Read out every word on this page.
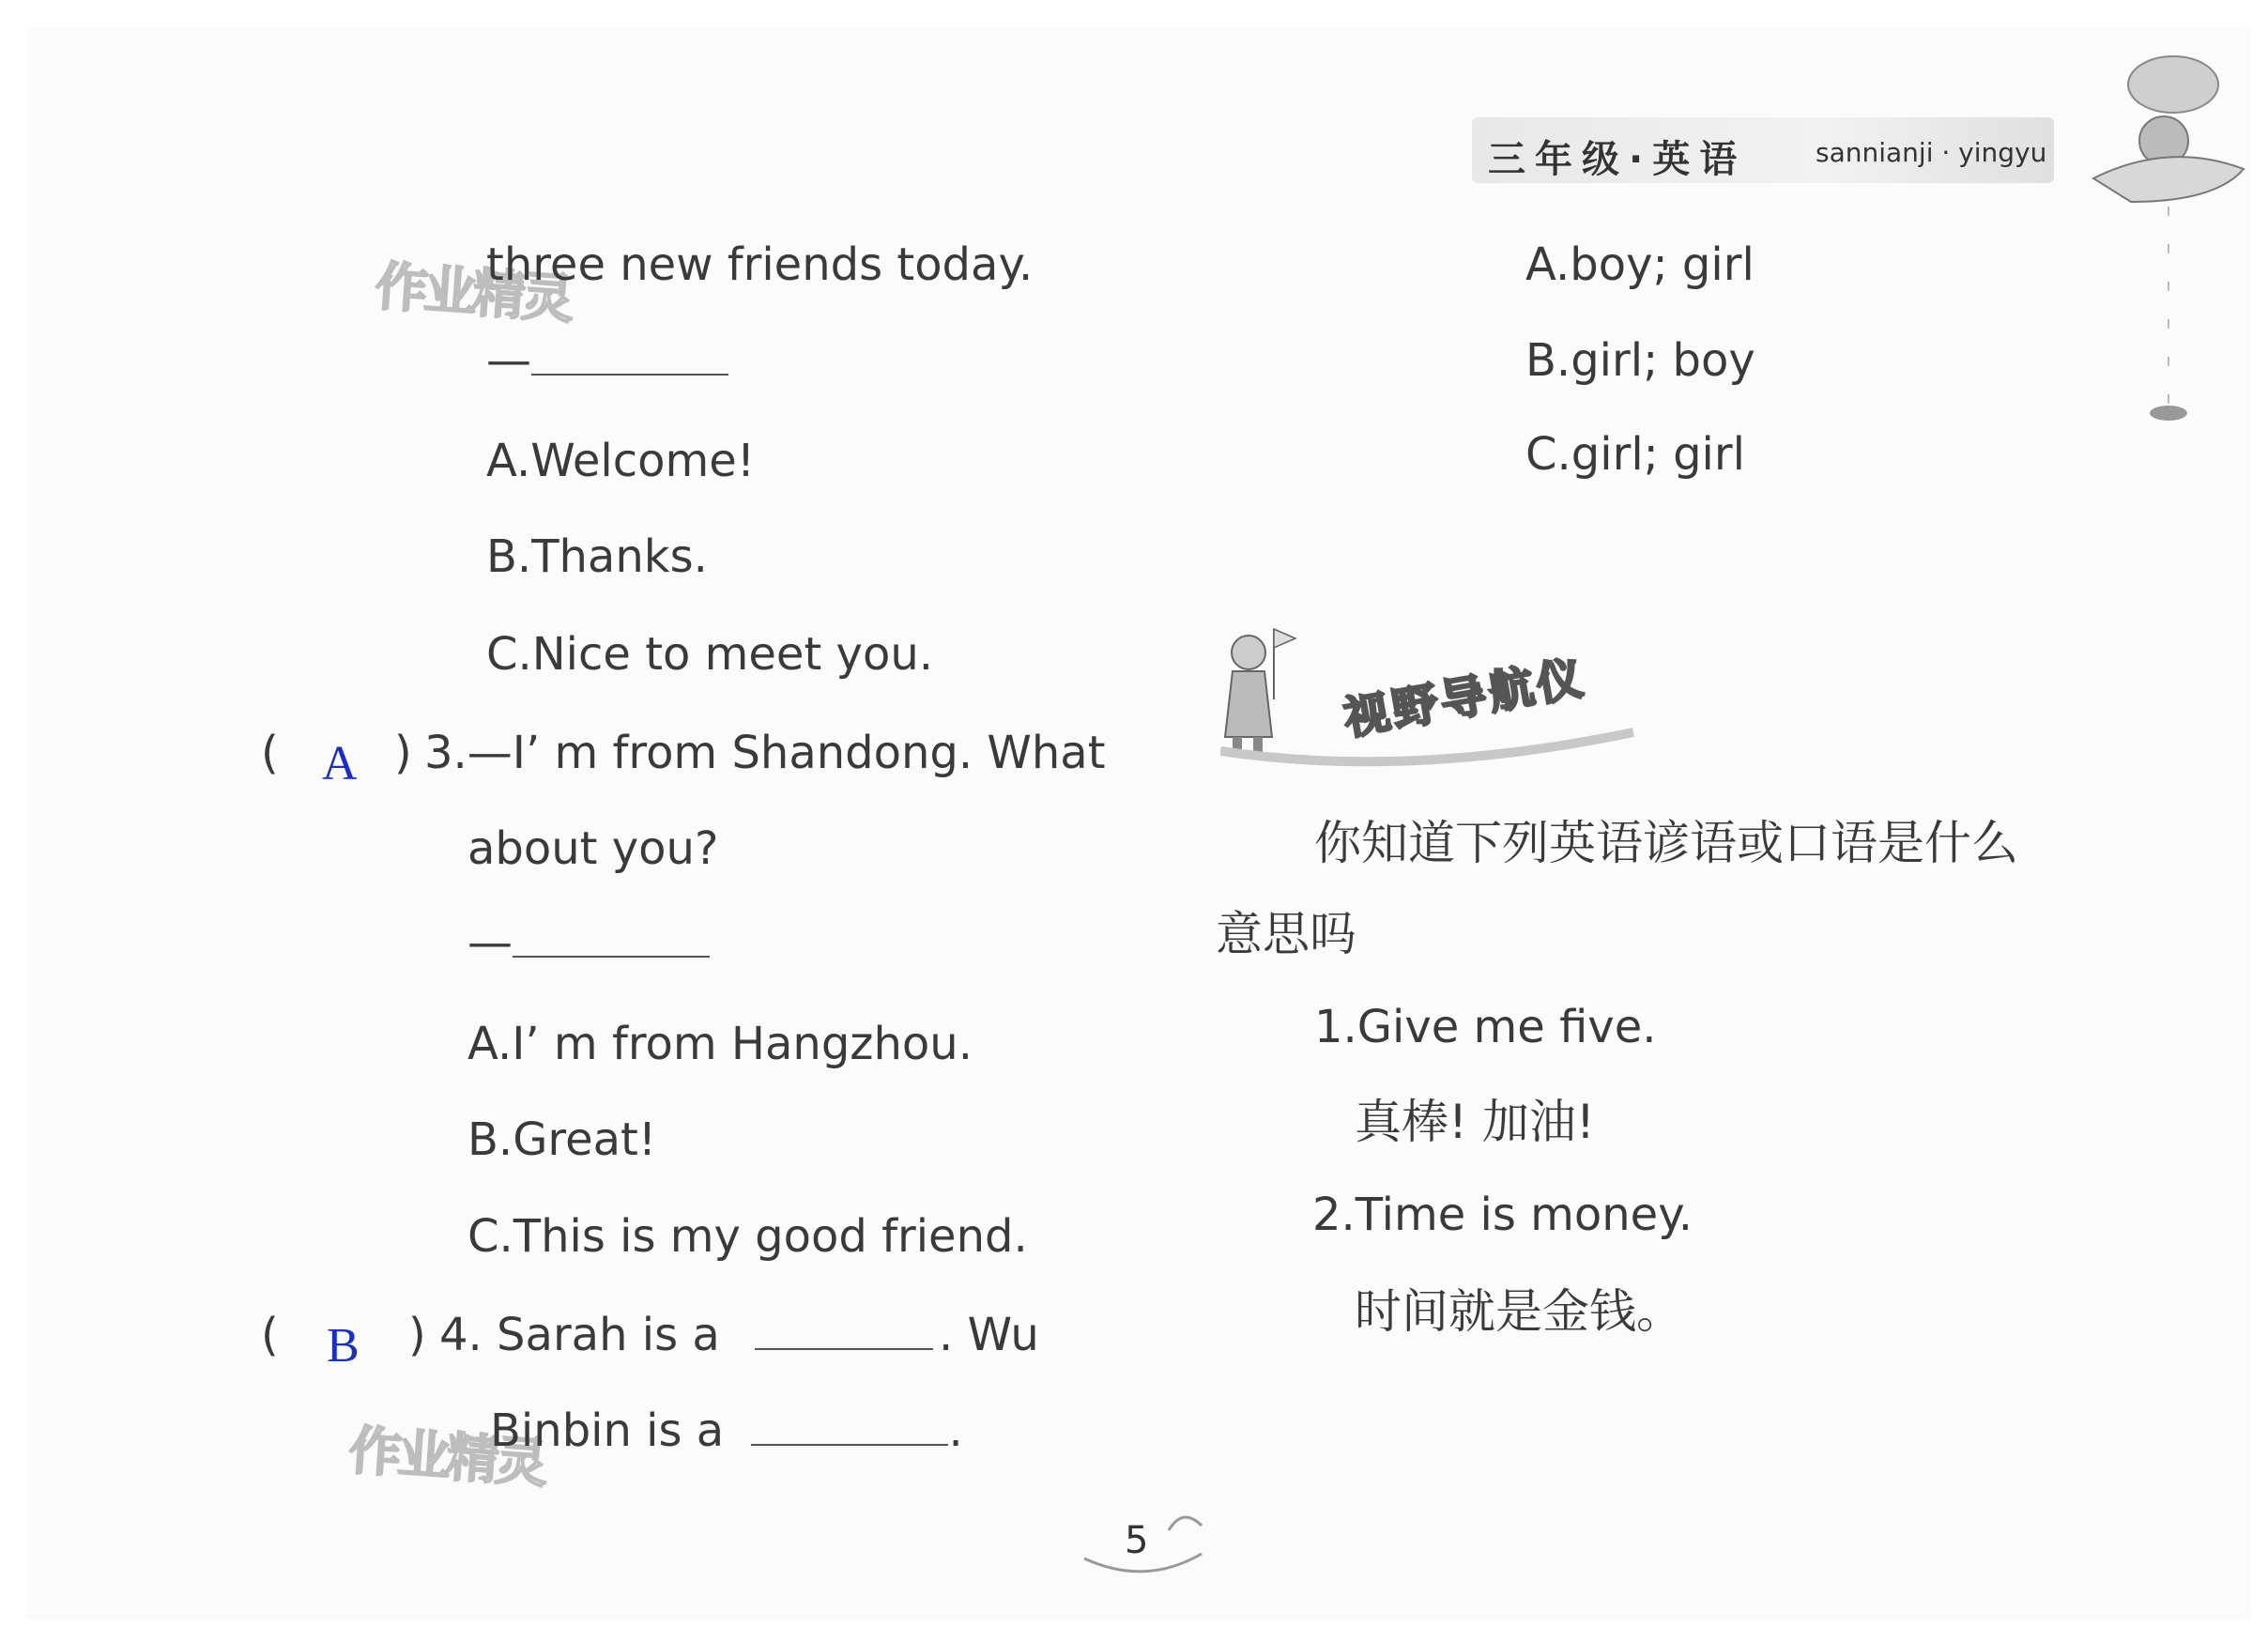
三年级·英语	sannianji · yingyu
作业精灵
作业精灵
three new friends today.
—
A.Welcome!
B.Thanks.
C.Nice to meet you.
( A ) 3.—I’ m from Shandong. What
about you?
—
A.I’ m from Hangzhou.
B.Great!
C.This is my good friend.
( B ) 4. Sarah is a	. Wu
Binbin is a	.
A.boy; girl
B.girl; boy
C.girl; girl
视野导航仪
你知道下列英语谚语或口语是什么
意思吗
1.Give me five.
真棒! 加油!
2.Time is money.
时间就是金钱。
5
